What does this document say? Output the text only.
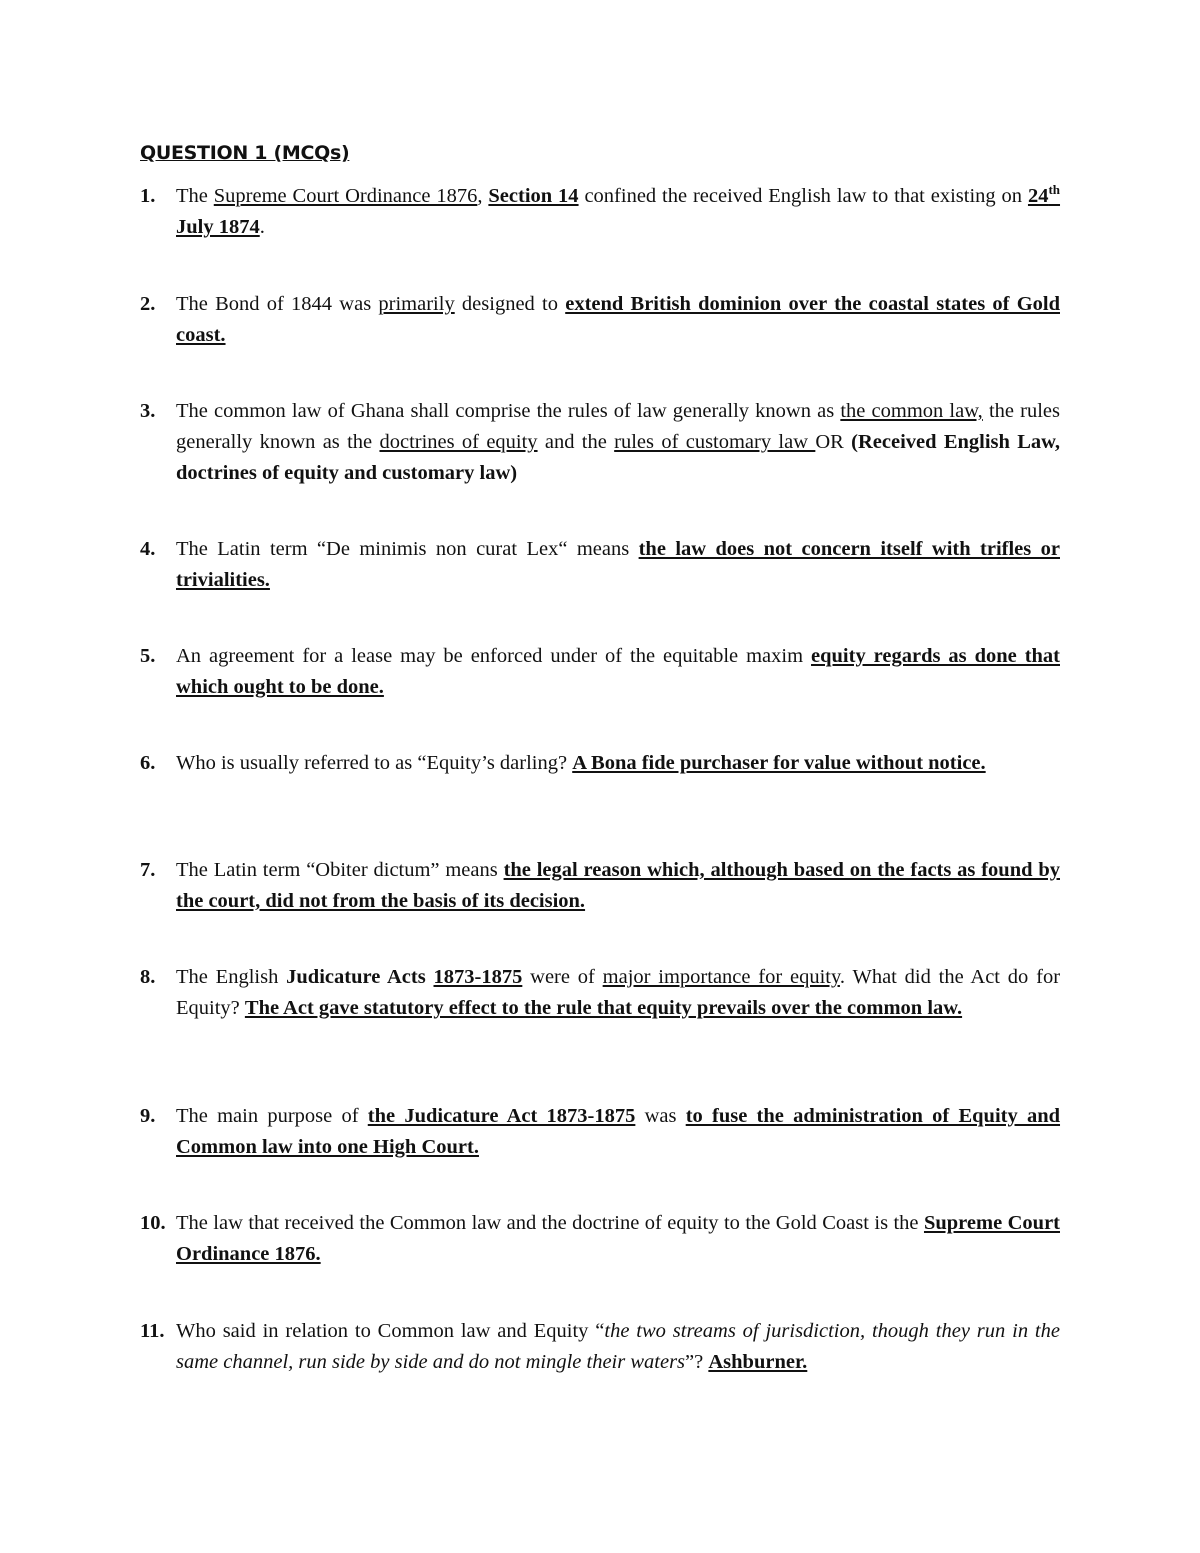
QUESTION 1 (MCQs)
1. The Supreme Court Ordinance 1876, Section 14 confined the received English law to that existing on 24th July 1874.
2. The Bond of 1844 was primarily designed to extend British dominion over the coastal states of Gold coast.
3. The common law of Ghana shall comprise the rules of law generally known as the common law, the rules generally known as the doctrines of equity and the rules of customary law OR (Received English Law, doctrines of equity and customary law)
4. The Latin term “De minimis non curat Lex“ means the law does not concern itself with trifles or trivialities.
5. An agreement for a lease may be enforced under of the equitable maxim equity regards as done that which ought to be done.
6. Who is usually referred to as “Equity’s darling? A Bona fide purchaser for value without notice.
7. The Latin term “Obiter dictum” means the legal reason which, although based on the facts as found by the court, did not from the basis of its decision.
8. The English Judicature Acts 1873-1875 were of major importance for equity. What did the Act do for Equity? The Act gave statutory effect to the rule that equity prevails over the common law.
9. The main purpose of the Judicature Act 1873-1875 was to fuse the administration of Equity and Common law into one High Court.
10. The law that received the Common law and the doctrine of equity to the Gold Coast is the Supreme Court Ordinance 1876.
11. Who said in relation to Common law and Equity “the two streams of jurisdiction, though they run in the same channel, run side by side and do not mingle their waters”? Ashburner.
